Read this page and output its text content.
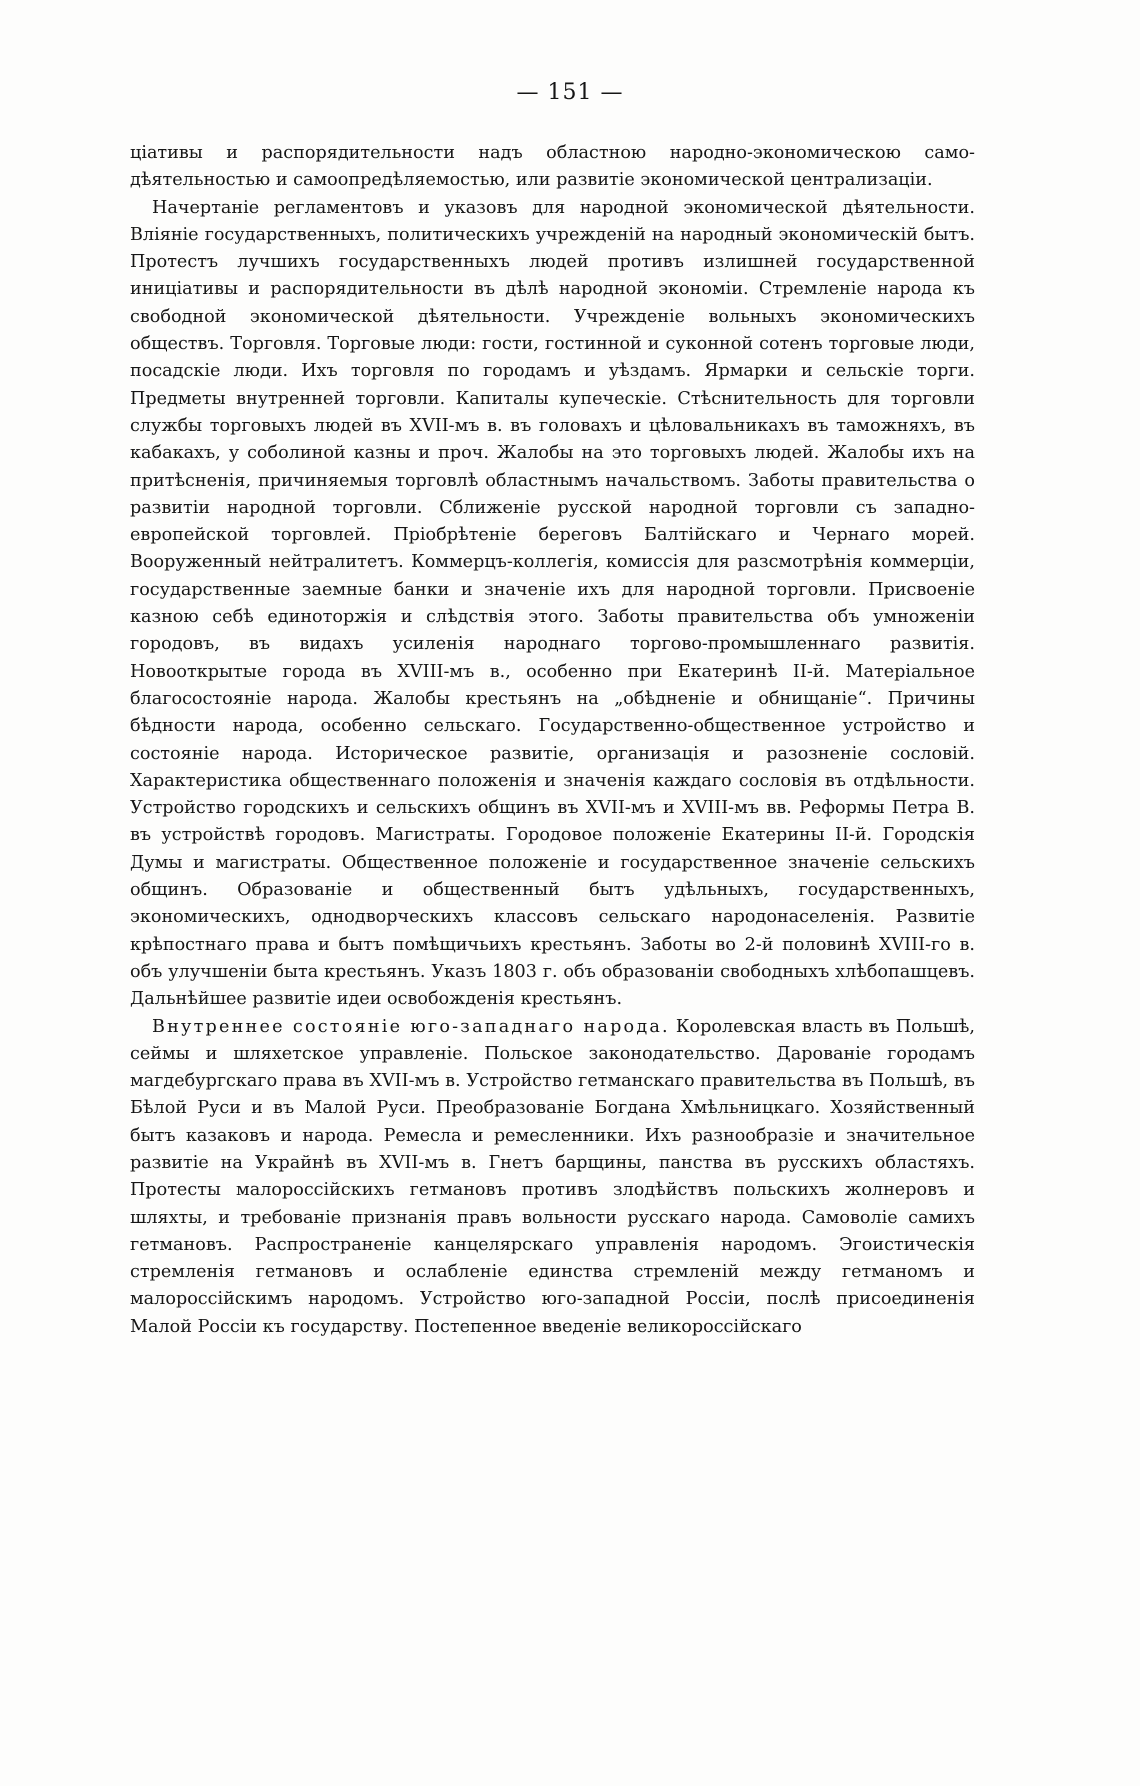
— 151 —

ціативы и распорядительности надъ областною народно-экономическою самодѣятельностью и самоопредѣляемостью, или развитіе экономической централизаціи.

Начертаніе регламентовъ и указовъ для народной экономической дѣятельности. Вліяніе государственныхъ, политическихъ учрежденій на народный экономическій бытъ. Протестъ лучшихъ государственныхъ людей противъ излишней государственной иниціативы и распорядительности въ дѣлѣ народной экономіи. Стремленіе народа къ свободной экономической дѣятельности. Учрежденіе вольныхъ экономическихъ обществъ. Торговля. Торговые люди: гости, гостинной и суконной сотенъ торговые люди, посадскіе люди. Ихъ торговля по городамъ и уѣздамъ. Ярмарки и сельскіе торги. Предметы внутренней торговли. Капиталы купеческіе. Стѣснительность для торговли службы торговыхъ людей въ XVII-мъ в. въ головахъ и цѣловальникахъ въ таможняхъ, въ кабакахъ, у соболиной казны и проч. Жалобы на это торговыхъ людей. Жалобы ихъ на притѣсненія, причиняемыя торговлѣ областнымъ начальствомъ. Заботы правительства о развитіи народной торговли. Сближеніе русской народной торговли съ западно-европейской торговлей. Пріобрѣтеніе береговъ Балтійскаго и Чернаго морей. Вооруженный нейтралитетъ. Коммерцъ-коллегія, комиссія для разсмотрѣнія коммерціи, государственные заемные банки и значеніе ихъ для народной торговли. Присвоеніе казною себѣ единоторжія и слѣдствія этого. Заботы правительства объ умноженіи городовъ, въ видахъ усиленія народнаго торгово-промышленнаго развитія. Новооткрытые города въ XVIII-мъ в., особенно при Екатеринѣ II-й. Матеріальное благосостояніе народа. Жалобы крестьянъ на „обѣдненіе и обнищаніе“. Причины бѣдности народа, особенно сельскаго. Государственно-общественное устройство и состояніе народа. Историческое развитіе, организація и разозненіе сословій. Характеристика общественнаго положенія и значенія каждаго сословія въ отдѣльности. Устройство городскихъ и сельскихъ общинъ въ XVII-мъ и XVIII-мъ вв. Реформы Петра В. въ устройствѣ городовъ. Магистраты. Городовое положеніе Екатерины II-й. Городскія Думы и магистраты. Общественное положеніе и государственное значеніе сельскихъ общинъ. Образованіе и общественный бытъ удѣльныхъ, государственныхъ, экономическихъ, однодворческихъ классовъ сельскаго народонаселенія. Развитіе крѣпостнаго права и бытъ помѣщичьихъ крестьянъ. Заботы во 2-й половинѣ XVIII-го в. объ улучшеніи быта крестьянъ. Указъ 1803 г. объ образованіи свободныхъ хлѣбопашцевъ. Дальнѣйшее развитіе идеи освобожденія крестьянъ.

Внутреннее состояніе юго-западнаго народа. Королевская власть въ Польшѣ, сеймы и шляхетское управленіе. Польское законодательство. Дарованіе городамъ магдебургскаго права въ XVII-мъ в. Устройство гетманскаго правительства въ Польшѣ, въ Бѣлой Руси и въ Малой Руси. Преобразованіе Богдана Хмѣльницкаго. Хозяйственный бытъ казаковъ и народа. Ремесла и ремесленники. Ихъ разнообразіе и значительное развитіе на Украйнѣ въ XVII-мъ в. Гнетъ барщины, панства въ русскихъ областяхъ. Протесты малороссійскихъ гетмановъ противъ злодѣйствъ польскихъ жолнеровъ и шляхты, и требованіе признанія правъ вольности русскаго народа. Самоволіе самихъ гетмановъ. Распространеніе канцелярскаго управленія народомъ. Эгоистическія стремленія гетмановъ и ослабленіе единства стремленій между гетманомъ и малороссійскимъ народомъ. Устройство юго-западной Россіи, послѣ присоединенія Малой Россіи къ государству. Постепенное введеніе великороссійскаго
